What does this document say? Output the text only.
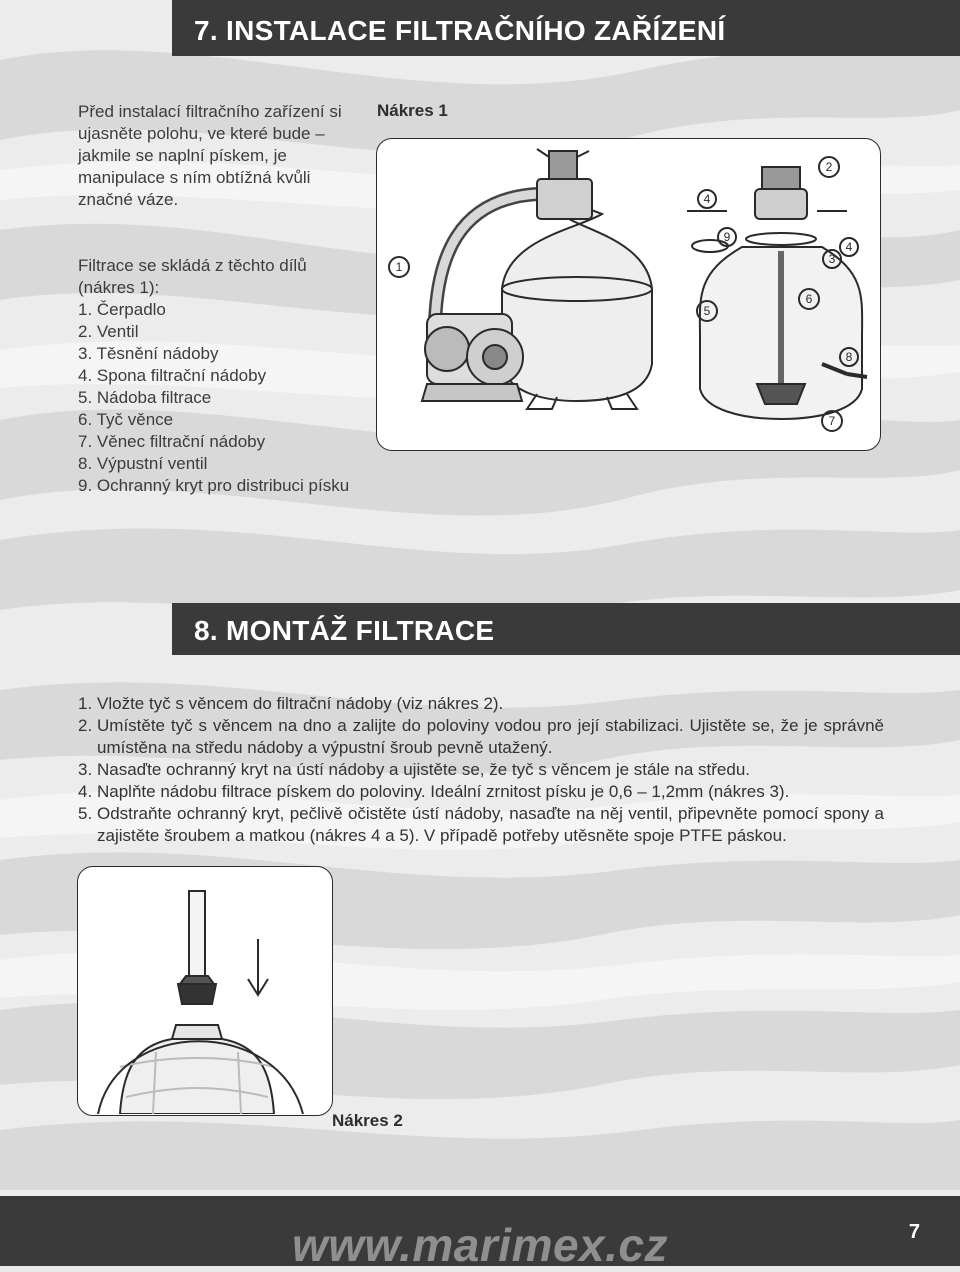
7. INSTALACE FILTRAČNÍHO ZAŘÍZENÍ
Před instalací filtračního zařízení si ujasněte polohu, ve které bude – jakmile se naplní pískem, je manipulace s ním obtížná kvůli značné váze.
Filtrace se skládá z těchto dílů (nákres 1):
1. Čerpadlo
2. Ventil
3. Těsnění nádoby
4. Spona filtrační nádoby
5. Nádoba filtrace
6. Tyč věnce
7. Věnec filtrační nádoby
8. Výpustní ventil
9. Ochranný kryt pro distribuci písku
Nákres 1
1
2
4
9
4
3
5
6
8
7
8. MONTÁŽ FILTRACE
1. Vložte tyč s věncem do filtrační nádoby (viz nákres 2).
2. Umístěte tyč s věncem na dno a zalijte do poloviny vodou pro její stabilizaci. Ujistěte se, že je správně umístěna na středu nádoby a výpustní šroub pevně utažený.
3. Nasaďte ochranný kryt na ústí nádoby a ujistěte se, že tyč s věncem je stále na středu.
4. Naplňte nádobu filtrace pískem do poloviny. Ideální zrnitost písku je 0,6 – 1,2mm (nákres 3).
5. Odstraňte ochranný kryt, pečlivě očistěte ústí nádoby, nasaďte na něj ventil, připevněte pomocí spony a zajistěte šroubem a matkou (nákres 4 a 5). V případě potřeby utěsněte spoje PTFE páskou.
Nákres 2
www.marimex.cz	7
